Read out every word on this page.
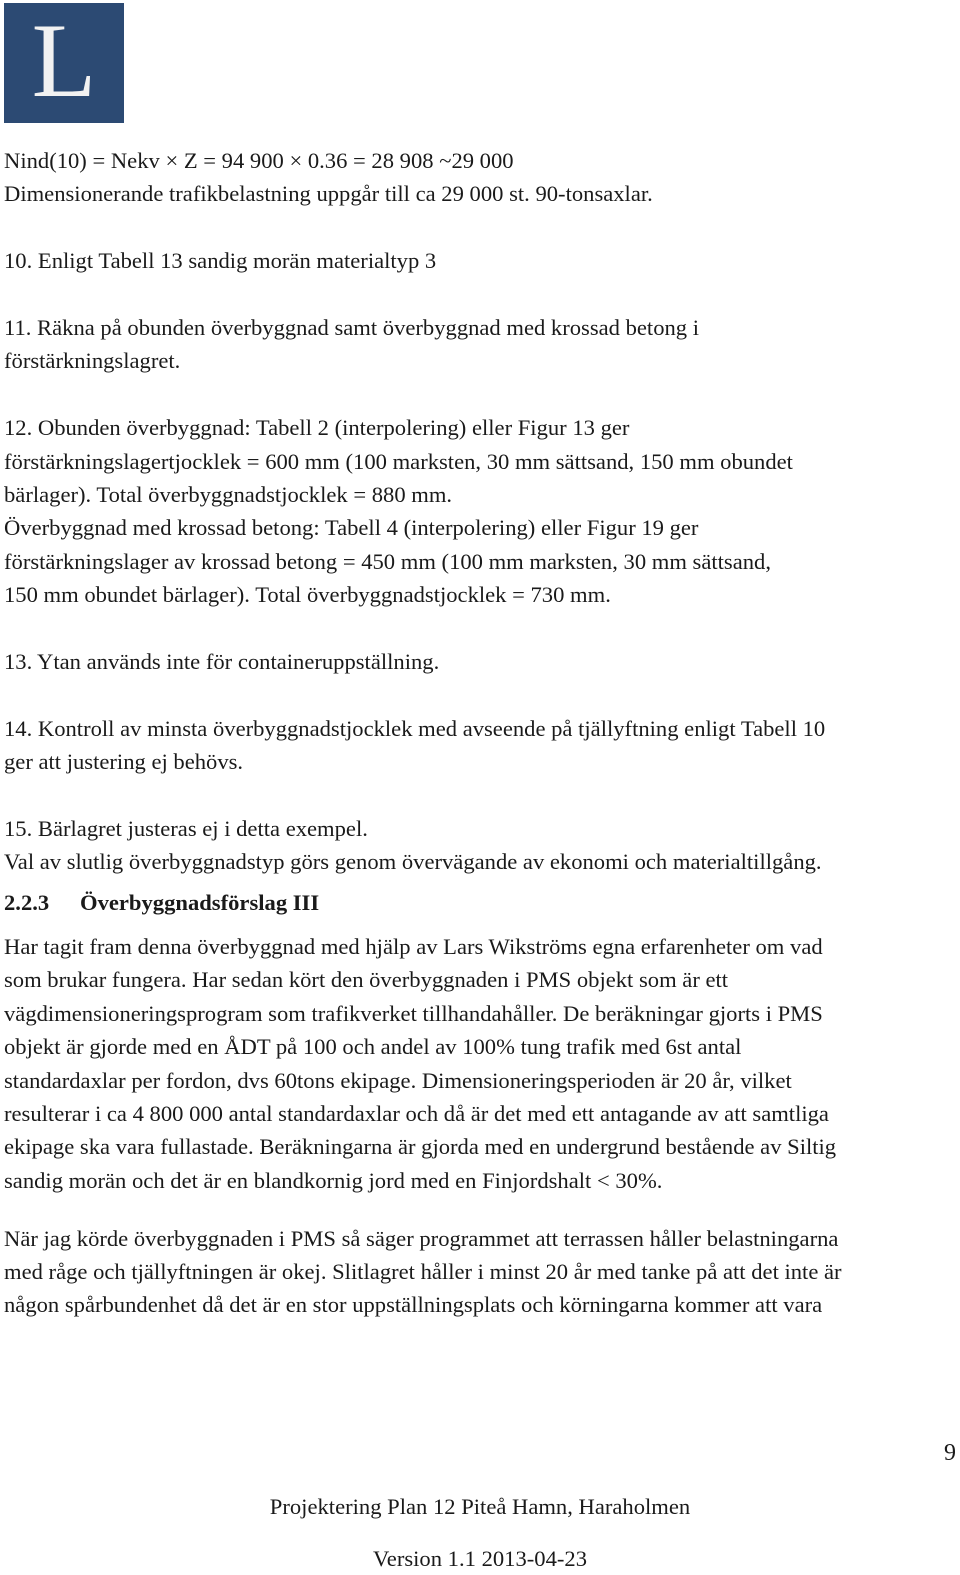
L

Nind(10) = Nekv × Z = 94 900 × 0.36 = 28 908 ~29 000

Dimensionerande trafikbelastning uppgår till ca 29 000 st. 90-tonsaxlar.

10. Enligt Tabell 13 sandig morän materialtyp 3

11. Räkna på obunden överbyggnad samt överbyggnad med krossad betong i

förstärkningslagret.

12. Obunden överbyggnad: Tabell 2 (interpolering) eller Figur 13 ger

förstärkningslagertjocklek = 600 mm (100 marksten, 30 mm sättsand, 150 mm obundet

bärlager). Total överbyggnadstjocklek = 880 mm.

Överbyggnad med krossad betong: Tabell 4 (interpolering) eller Figur 19 ger

förstärkningslager av krossad betong = 450 mm (100 mm marksten, 30 mm sättsand,

150 mm obundet bärlager). Total överbyggnadstjocklek = 730 mm.

13. Ytan används inte för containeruppställning.

14. Kontroll av minsta överbyggnadstjocklek med avseende på tjällyftning enligt Tabell 10

ger att justering ej behövs.

15. Bärlagret justeras ej i detta exempel.

Val av slutlig överbyggnadstyp görs genom övervägande av ekonomi och materialtillgång.

2.2.3 Överbyggnadsförslag III

Har tagit fram denna överbyggnad med hjälp av Lars Wikströms egna erfarenheter om vad

som brukar fungera. Har sedan kört den överbyggnaden i PMS objekt som är ett

vägdimensioneringsprogram som trafikverket tillhandahåller. De beräkningar gjorts i PMS

objekt är gjorde med en ÅDT på 100 och andel av 100% tung trafik med 6st antal

standardaxlar per fordon, dvs 60tons ekipage. Dimensioneringsperioden är 20 år, vilket

resulterar i ca 4 800 000 antal standardaxlar och då är det med ett antagande av att samtliga

ekipage ska vara fullastade. Beräkningarna är gjorda med en undergrund bestående av Siltig

sandig morän och det är en blandkornig jord med en Finjordshalt < 30%.

När jag körde överbyggnaden i PMS så säger programmet att terrassen håller belastningarna

med råge och tjällyftningen är okej. Slitlagret håller i minst 20 år med tanke på att det inte är

någon spårbundenhet då det är en stor uppställningsplats och körningarna kommer att vara

9
Projektering Plan 12 Piteå Hamn, Haraholmen
Version 1.1 2013-04-23
